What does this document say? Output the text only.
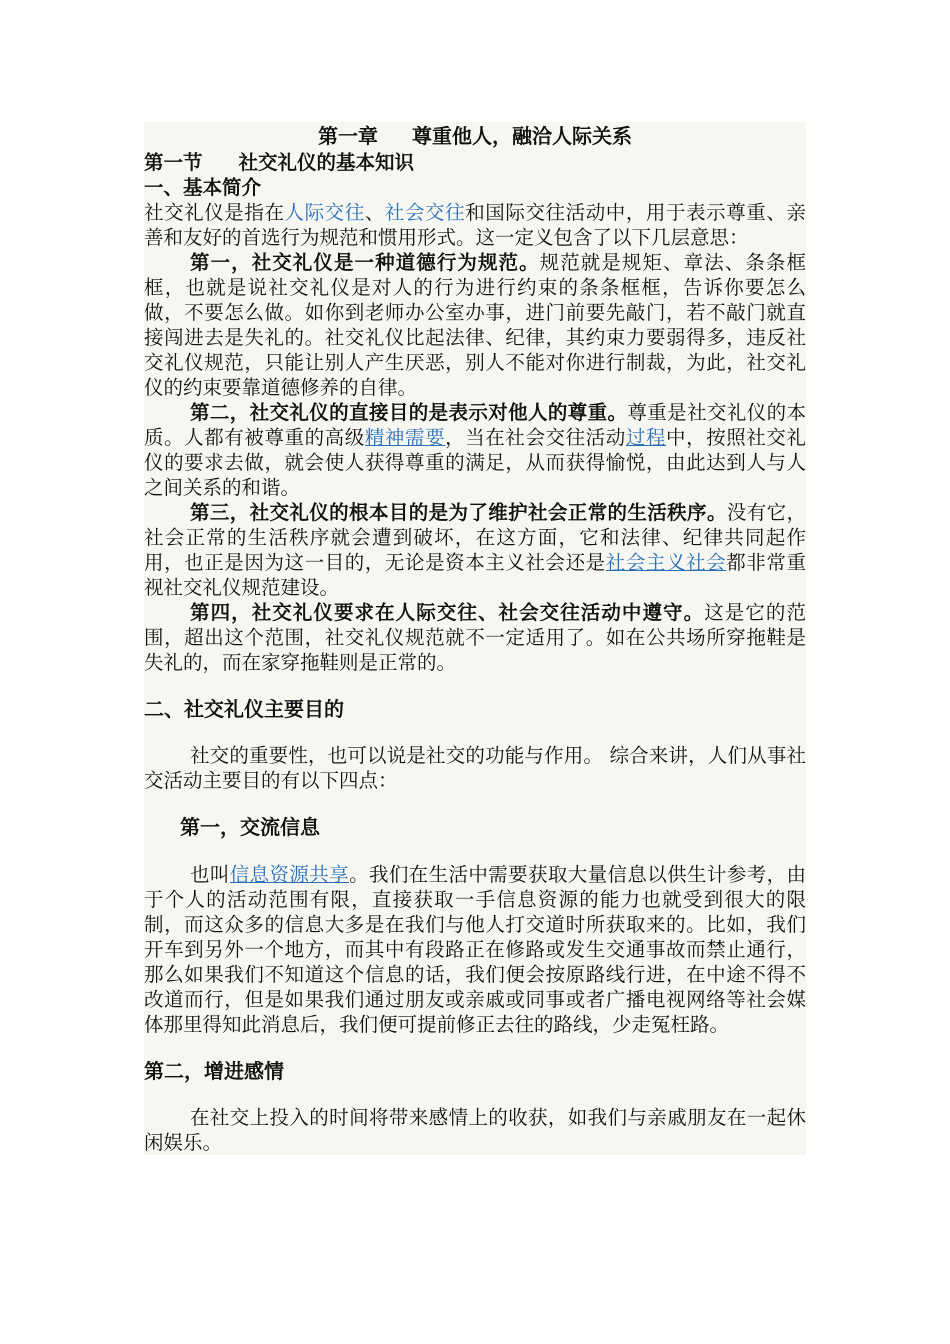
第一章 尊重他人，融洽人际关系
第一节 社交礼仪的基本知识
一、基本简介

社交礼仪是指在人际交往、社会交往和国际交往活动中，用于表示尊重、亲善和友好的首选行为规范和惯用形式。这一定义包含了以下几层意思：

第一，社交礼仪是一种道德行为规范。规范就是规矩、章法、条条框框，也就是说社交礼仪是对人的行为进行约束的条条框框，告诉你要怎么做，不要怎么做。如你到老师办公室办事，进门前要先敲门，若不敲门就直接闯进去是失礼的。社交礼仪比起法律、纪律，其约束力要弱得多，违反社交礼仪规范，只能让别人产生厌恶，别人不能对你进行制裁，为此，社交礼仪的约束要靠道德修养的自律。

第二，社交礼仪的直接目的是表示对他人的尊重。尊重是社交礼仪的本质。人都有被尊重的高级精神需要，当在社会交往活动过程中，按照社交礼仪的要求去做，就会使人获得尊重的满足，从而获得愉悦，由此达到人与人之间关系的和谐。

第三，社交礼仪的根本目的是为了维护社会正常的生活秩序。没有它，社会正常的生活秩序就会遭到破坏，在这方面，它和法律、纪律共同起作用，也正是因为这一目的，无论是资本主义社会还是社会主义社会都非常重视社交礼仪规范建设。

第四，社交礼仪要求在人际交往、社会交往活动中遵守。这是它的范围，超出这个范围，社交礼仪规范就不一定适用了。如在公共场所穿拖鞋是失礼的，而在家穿拖鞋则是正常的。

二、社交礼仪主要目的

社交的重要性，也可以说是社交的功能与作用。 综合来讲，人们从事社交活动主要目的有以下四点：

第一，交流信息

也叫信息资源共享。我们在生活中需要获取大量信息以供生计参考，由于个人的活动范围有限，直接获取一手信息资源的能力也就受到很大的限制，而这众多的信息大多是在我们与他人打交道时所获取来的。比如，我们开车到另外一个地方，而其中有段路正在修路或发生交通事故而禁止通行，那么如果我们不知道这个信息的话，我们便会按原路线行进，在中途不得不改道而行，但是如果我们通过朋友或亲戚或同事或者广播电视网络等社会媒体那里得知此消息后，我们便可提前修正去往的路线，少走冤枉路。

第二，增进感情

在社交上投入的时间将带来感情上的收获，如我们与亲戚朋友在一起休闲娱乐。
